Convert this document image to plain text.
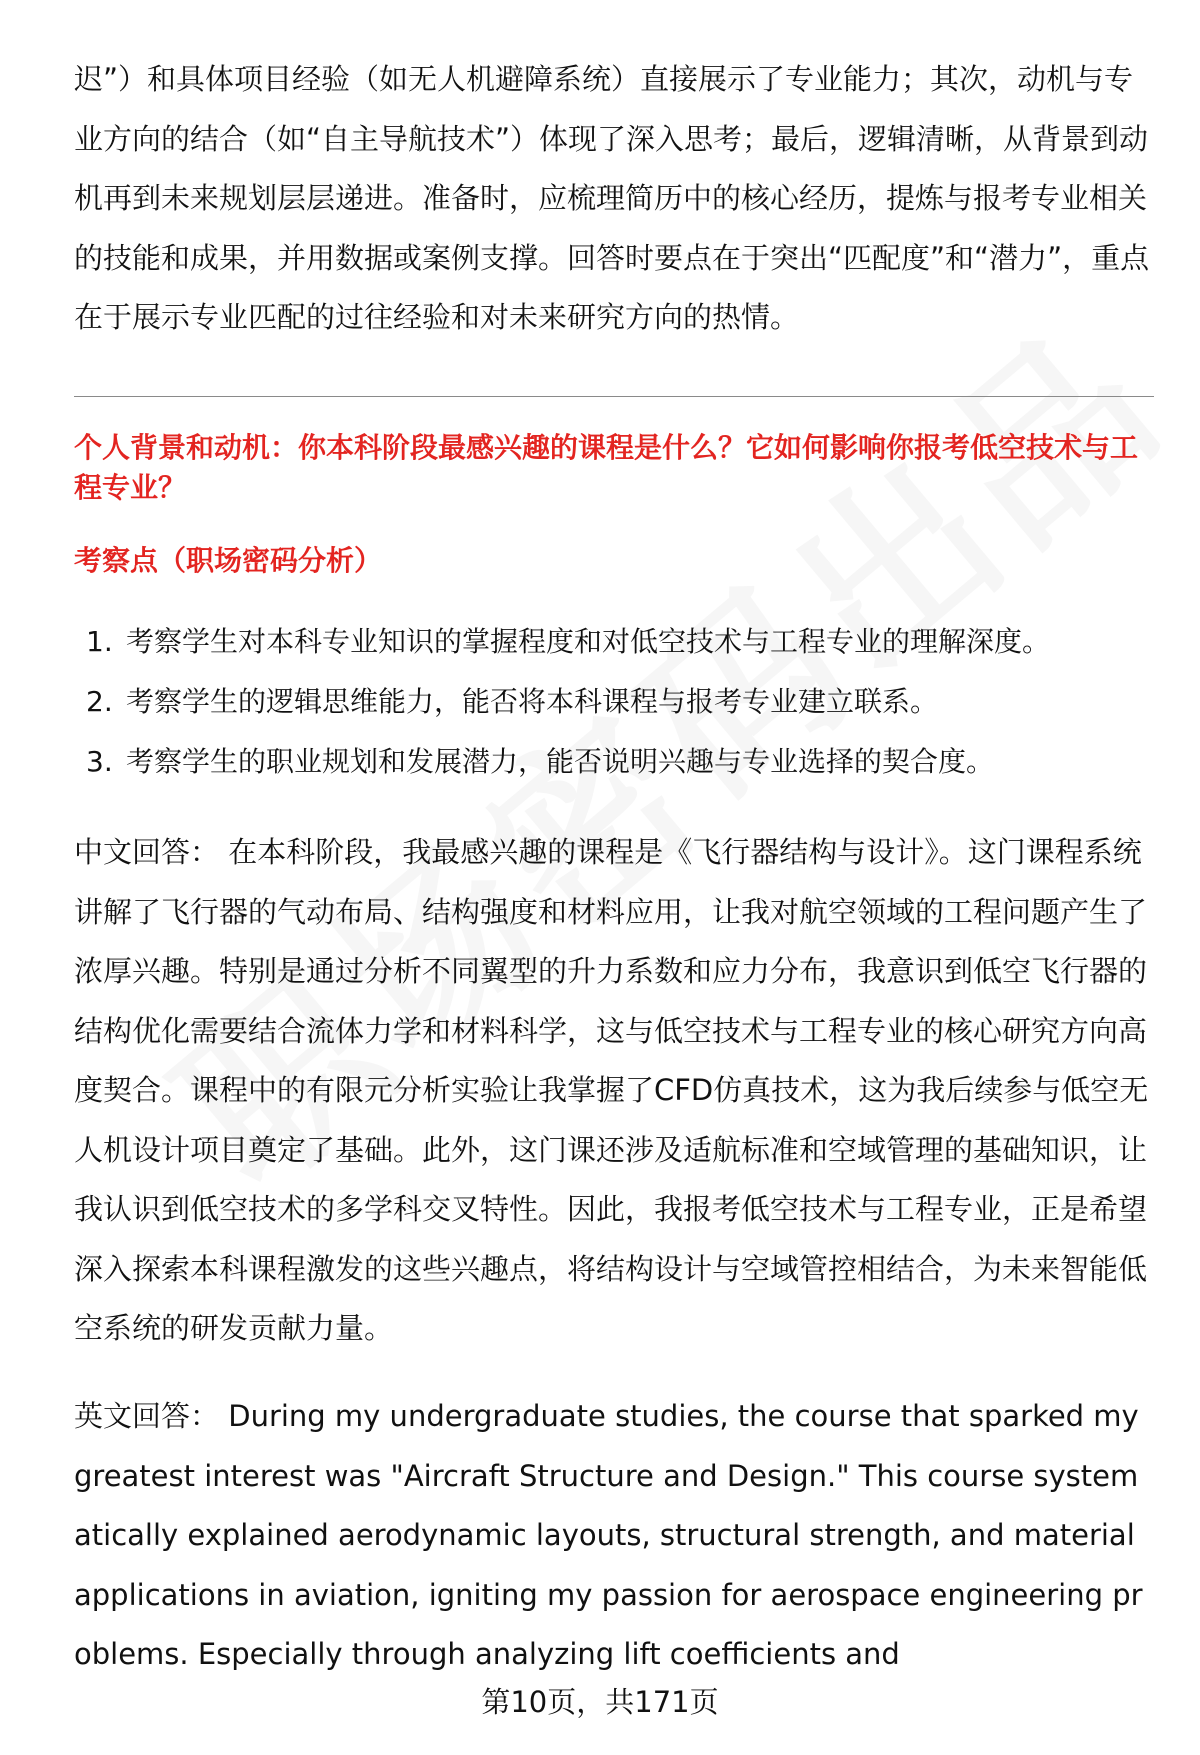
迟”）和具体项目经验（如无人机避障系统）直接展示了专业能力；其次，动机与专业方向的结合（如“自主导航技术”）体现了深入思考；最后，逻辑清晰，从背景到动机再到未来规划层层递进。准备时，应梳理简历中的核心经历，提炼与报考专业相关的技能和成果，并用数据或案例支撑。回答时要点在于突出“匹配度”和“潜力”，重点在于展示专业匹配的过往经验和对未来研究方向的热情。
个人背景和动机：你本科阶段最感兴趣的课程是什么？它如何影响你报考低空技术与工程专业？
考察点（职场密码分析）
1. 考察学生对本科专业知识的掌握程度和对低空技术与工程专业的理解深度。
2. 考察学生的逻辑思维能力，能否将本科课程与报考专业建立联系。
3. 考察学生的职业规划和发展潜力，能否说明兴趣与专业选择的契合度。
中文回答： 在本科阶段，我最感兴趣的课程是《飞行器结构与设计》。这门课程系统讲解了飞行器的气动布局、结构强度和材料应用，让我对航空领域的工程问题产生了浓厚兴趣。特别是通过分析不同翼型的升力系数和应力分布，我意识到低空飞行器的结构优化需要结合流体力学和材料科学，这与低空技术与工程专业的核心研究方向高度契合。课程中的有限元分析实验让我掌握了CFD仿真技术，这为我后续参与低空无人机设计项目奠定了基础。此外，这门课还涉及适航标准和空域管理的基础知识，让我认识到低空技术的多学科交叉特性。因此，我报考低空技术与工程专业，正是希望深入探索本科课程激发的这些兴趣点，将结构设计与空域管控相结合，为未来智能低空系统的研发贡献力量。
英文回答： During my undergraduate studies, the course that sparked my greatest interest was "Aircraft Structure and Design." This course systematically explained aerodynamic layouts, structural strength, and material applications in aviation, igniting my passion for aerospace engineering problems. Especially through analyzing lift coefficients and
第10页，共171页
